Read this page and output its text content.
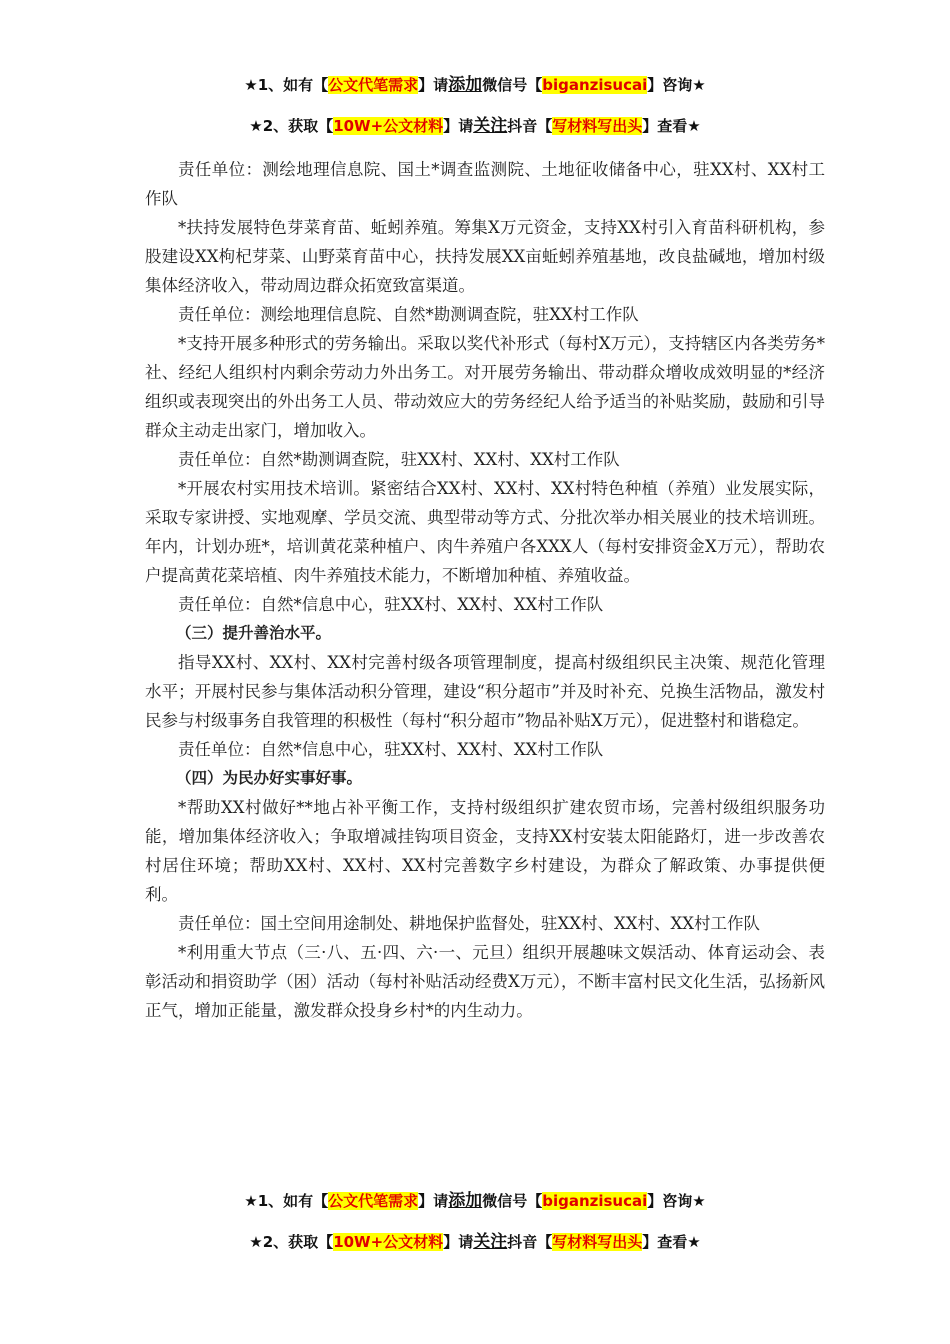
★1、如有【公文代笔需求】请添加微信号【biganzisucai】咨询★
★2、获取【10W+公文材料】请关注抖音【写材料写出头】查看★

责任单位：测绘地理信息院、国土*调查监测院、土地征收储备中心，驻XX村、XX村工作队

*扶持发展特色芽菜育苗、蚯蚓养殖。筹集X万元资金，支持XX村引入育苗科研机构，参股建设XX枸杞芽菜、山野菜育苗中心，扶持发展XX亩蚯蚓养殖基地，改良盐碱地，增加村级集体经济收入，带动周边群众拓宽致富渠道。

责任单位：测绘地理信息院、自然*勘测调查院，驻XX村工作队

*支持开展多种形式的劳务输出。采取以奖代补形式（每村X万元），支持辖区内各类劳务*社、经纪人组织村内剩余劳动力外出务工。对开展劳务输出、带动群众增收成效明显的*经济组织或表现突出的外出务工人员、带动效应大的劳务经纪人给予适当的补贴奖励，鼓励和引导群众主动走出家门，增加收入。

责任单位：自然*勘测调查院，驻XX村、XX村、XX村工作队

*开展农村实用技术培训。紧密结合XX村、XX村、XX村特色种植（养殖）业发展实际，采取专家讲授、实地观摩、学员交流、典型带动等方式、分批次举办相关展业的技术培训班。年内，计划办班*，培训黄花菜种植户、肉牛养殖户各XXX人（每村安排资金X万元），帮助农户提高黄花菜培植、肉牛养殖技术能力，不断增加种植、养殖收益。

责任单位：自然*信息中心，驻XX村、XX村、XX村工作队

（三）提升善治水平。

指导XX村、XX村、XX村完善村级各项管理制度，提高村级组织民主决策、规范化管理水平；开展村民参与集体活动积分管理，建设“积分超市”并及时补充、兑换生活物品，激发村民参与村级事务自我管理的积极性（每村“积分超市”物品补贴X万元），促进整村和谐稳定。

责任单位：自然*信息中心，驻XX村、XX村、XX村工作队

（四）为民办好实事好事。

*帮助XX村做好**地占补平衡工作，支持村级组织扩建农贸市场，完善村级组织服务功能，增加集体经济收入；争取增减挂钩项目资金，支持XX村安装太阳能路灯，进一步改善农村居住环境；帮助XX村、XX村、XX村完善数字乡村建设，为群众了解政策、办事提供便利。

责任单位：国土空间用途制处、耕地保护监督处，驻XX村、XX村、XX村工作队

*利用重大节点（三·八、五·四、六·一、元旦）组织开展趣味文娱活动、体育运动会、表彰活动和捐资助学（困）活动（每村补贴活动经费X万元），不断丰富村民文化生活，弘扬新风正气，增加正能量，激发群众投身乡村*的内生动力。

★1、如有【公文代笔需求】请添加微信号【biganzisucai】咨询★
★2、获取【10W+公文材料】请关注抖音【写材料写出头】查看★
